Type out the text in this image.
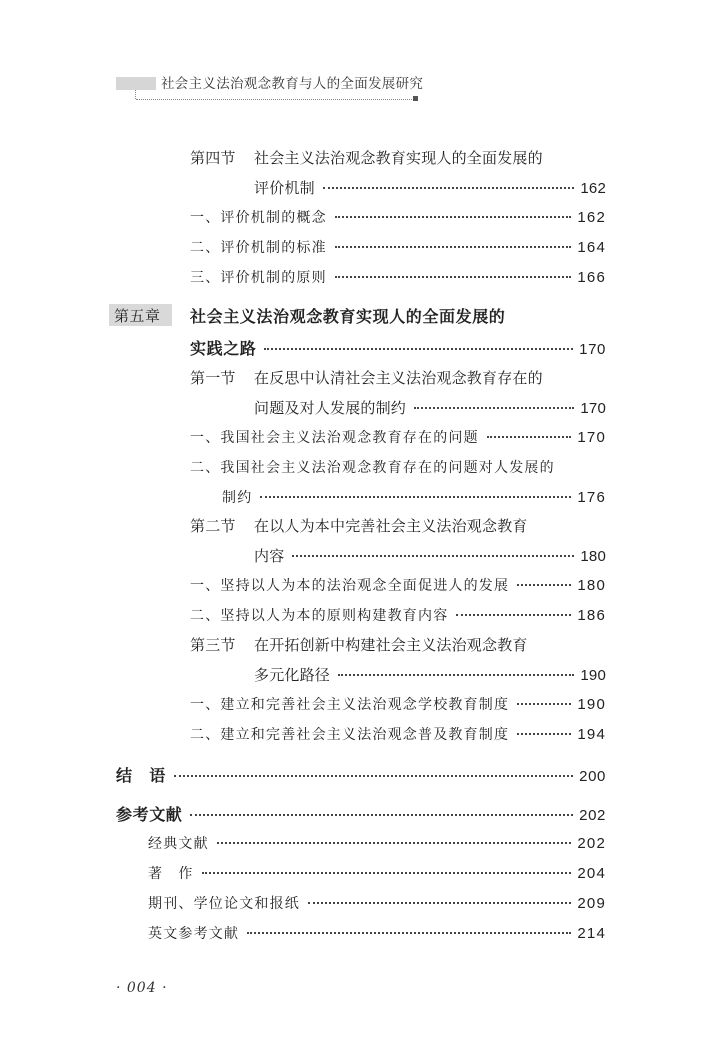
社会主义法治观念教育与人的全面发展研究
第四节 社会主义法治观念教育实现人的全面发展的
评价机制	162
一、评价机制的概念	162
二、评价机制的标准	164
三、评价机制的原则	166
第五章 社会主义法治观念教育实现人的全面发展的
实践之路	170
第一节 在反思中认清社会主义法治观念教育存在的
问题及对人发展的制约	170
一、我国社会主义法治观念教育存在的问题	170
二、我国社会主义法治观念教育存在的问题对人发展的
制约	176
第二节 在以人为本中完善社会主义法治观念教育
内容	180
一、坚持以人为本的法治观念全面促进人的发展	180
二、坚持以人为本的原则构建教育内容	186
第三节 在开拓创新中构建社会主义法治观念教育
多元化路径	190
一、建立和完善社会主义法治观念学校教育制度	190
二、建立和完善社会主义法治观念普及教育制度	194
结　语	200
参考文献	202
经典文献	202
著　作	204
期刊、学位论文和报纸	209
英文参考文献	214
· 004 ·
